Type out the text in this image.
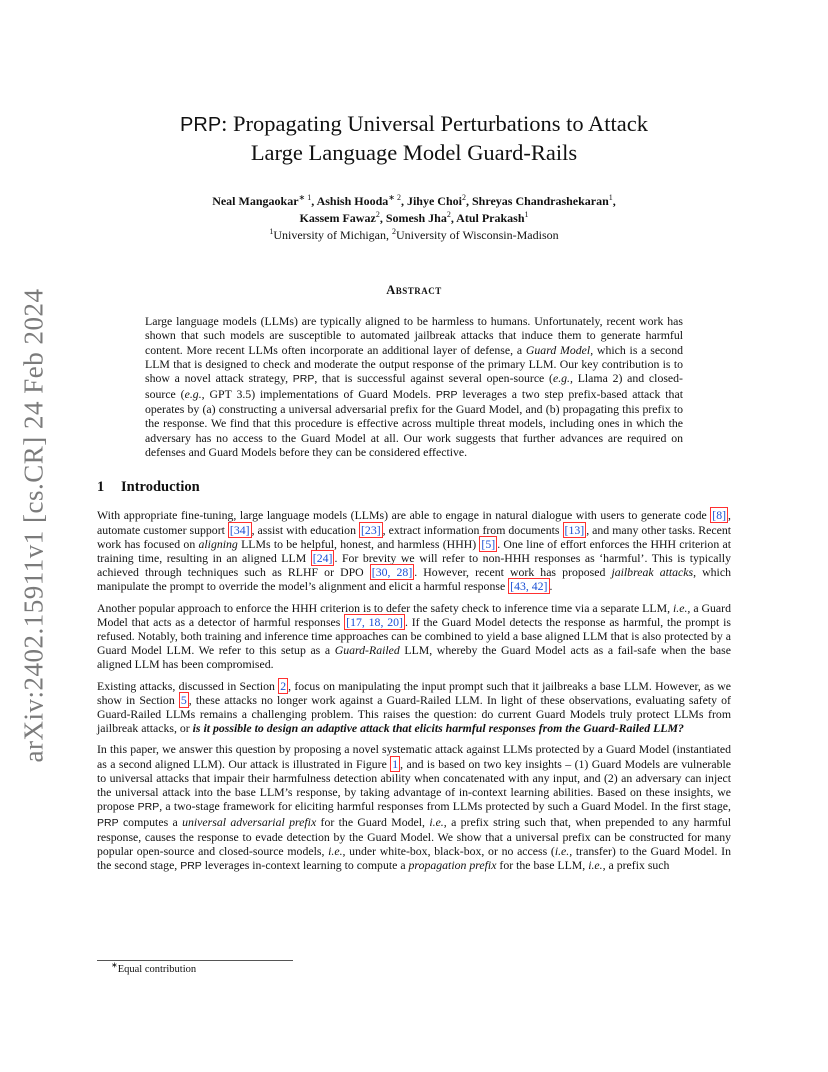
arXiv:2402.15911v1 [cs.CR] 24 Feb 2024
PRP: Propagating Universal Perturbations to Attack
Large Language Model Guard-Rails
Neal Mangaokar$^{∗ 1}$, Ashish Hooda$^{∗ 2}$, Jihye Choi$^2$, Shreyas Chandrashekaran$^1$,
Kassem Fawaz$^2$, Somesh Jha$^2$, Atul Prakash$^1$
$^1$University of Michigan, $^2$University of Wisconsin-Madison
Abstract
Large language models (LLMs) are typically aligned to be harmless to humans. Unfortunately, recent work has shown that such models are susceptible to automated jailbreak attacks that induce them to generate harmful content. More recent LLMs often incorporate an additional layer of defense, a Guard Model, which is a second LLM that is designed to check and moderate the output response of the primary LLM. Our key contribution is to show a novel attack strategy, PRP, that is successful against several open-source (e.g., Llama 2) and closed-source (e.g., GPT 3.5) implementations of Guard Models. PRP leverages a two step prefix-based attack that operates by (a) constructing a universal adversarial prefix for the Guard Model, and (b) propagating this prefix to the response. We find that this procedure is effective across multiple threat models, including ones in which the adversary has no access to the Guard Model at all. Our work suggests that further advances are required on defenses and Guard Models before they can be considered effective.
1 Introduction

With appropriate fine-tuning, large language models (LLMs) are able to engage in natural dialogue with users to generate code [8] , automate customer support [34] , assist with education [23] , extract information from documents [13] , and many other tasks. Recent work has focused on aligning LLMs to be helpful, honest, and harmless (HHH) [5] . One line of effort enforces the HHH criterion at training time, resulting in an aligned LLM [24] . For brevity we will refer to non-HHH responses as ‘harmful’. This is typically achieved through techniques such as RLHF or DPO [30, 28] . However, recent work has proposed jailbreak attacks, which manipulate the prompt to override the model’s alignment and elicit a harmful response [43, 42] .

Another popular approach to enforce the HHH criterion is to defer the safety check to inference time via a separate LLM, i.e., a Guard Model that acts as a detector of harmful responses [17, 18, 20] . If the Guard Model detects the response as harmful, the prompt is refused. Notably, both training and inference time approaches can be combined to yield a base aligned LLM that is also protected by a Guard Model LLM. We refer to this setup as a Guard-Railed LLM, whereby the Guard Model acts as a fail-safe when the base aligned LLM has been compromised.

Existing attacks, discussed in Section 2 , focus on manipulating the input prompt such that it jailbreaks a base LLM. However, as we show in Section 5 , these attacks no longer work against a Guard-Railed LLM. In light of these observations, evaluating safety of Guard-Railed LLMs remains a challenging problem. This raises the question: do current Guard Models truly protect LLMs from jailbreak attacks, or is it possible to design an adaptive attack that elicits harmful responses from the Guard-Railed LLM?

In this paper, we answer this question by proposing a novel systematic attack against LLMs protected by a Guard Model (instantiated as a second aligned LLM). Our attack is illustrated in Figure 1 , and is based on two key insights – (1) Guard Models are vulnerable to universal attacks that impair their harmfulness detection ability when concatenated with any input, and (2) an adversary can inject the universal attack into the base LLM’s response, by taking advantage of in-context learning abilities. Based on these insights, we propose PRP, a two-stage framework for eliciting harmful responses from LLMs protected by such a Guard Model. In the first stage, PRP computes a universal adversarial prefix for the Guard Model, i.e., a prefix string such that, when prepended to any harmful response, causes the response to evade detection by the Guard Model. We show that a universal prefix can be constructed for many popular open-source and closed-source models, i.e., under white-box, black-box, or no access (i.e., transfer) to the Guard Model. In the second stage, PRP leverages in-context learning to compute a propagation prefix for the base LLM, i.e., a prefix such

∗Equal contribution
